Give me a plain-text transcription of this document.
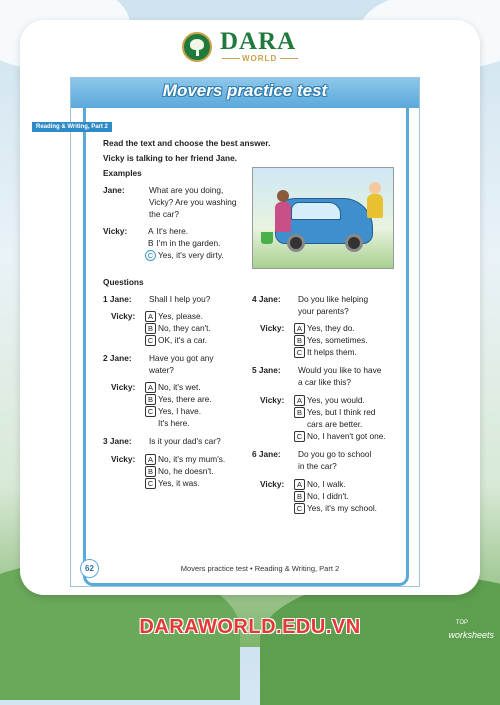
DARA
WORLD
Movers practice test
Reading & Writing, Part 2
Read the text and choose the best answer.
Vicky is talking to her friend Jane.
Examples
Jane:	What are you doing,
Vicky? Are you washing
the car?
Vicky: A It's here.
B I'm in the garden.
C Yes, it's very dirty.
Questions
1 Jane: Shall I help you?
Vicky:	A Yes, please.
B No, they can't.
C OK, it's a car.
2 Jane: Have you got any
water?
Vicky:	A No, it's wet.
B Yes, there are.
C Yes, I have.
It's here.
3 Jane: Is it your dad's car?
Vicky:	A No, it's my mum's.
B No, he doesn't.
C Yes, it was.
4 Jane: Do you like helping
your parents?
Vicky:	A Yes, they do.
B Yes, sometimes.
C It helps them.
5 Jane: Would you like to have
a car like this?
Vicky:	A Yes, you would.
B Yes, but I think red
cars are better.
C No, I haven't got one.
6 Jane: Do you go to school
in the car?
Vicky:	A No, I walk.
B No, I didn't.
C Yes, it's my school.
62	Movers practice test • Reading & Writing, Part 2
DARAWORLD.EDU.VN	TOP
worksheets
